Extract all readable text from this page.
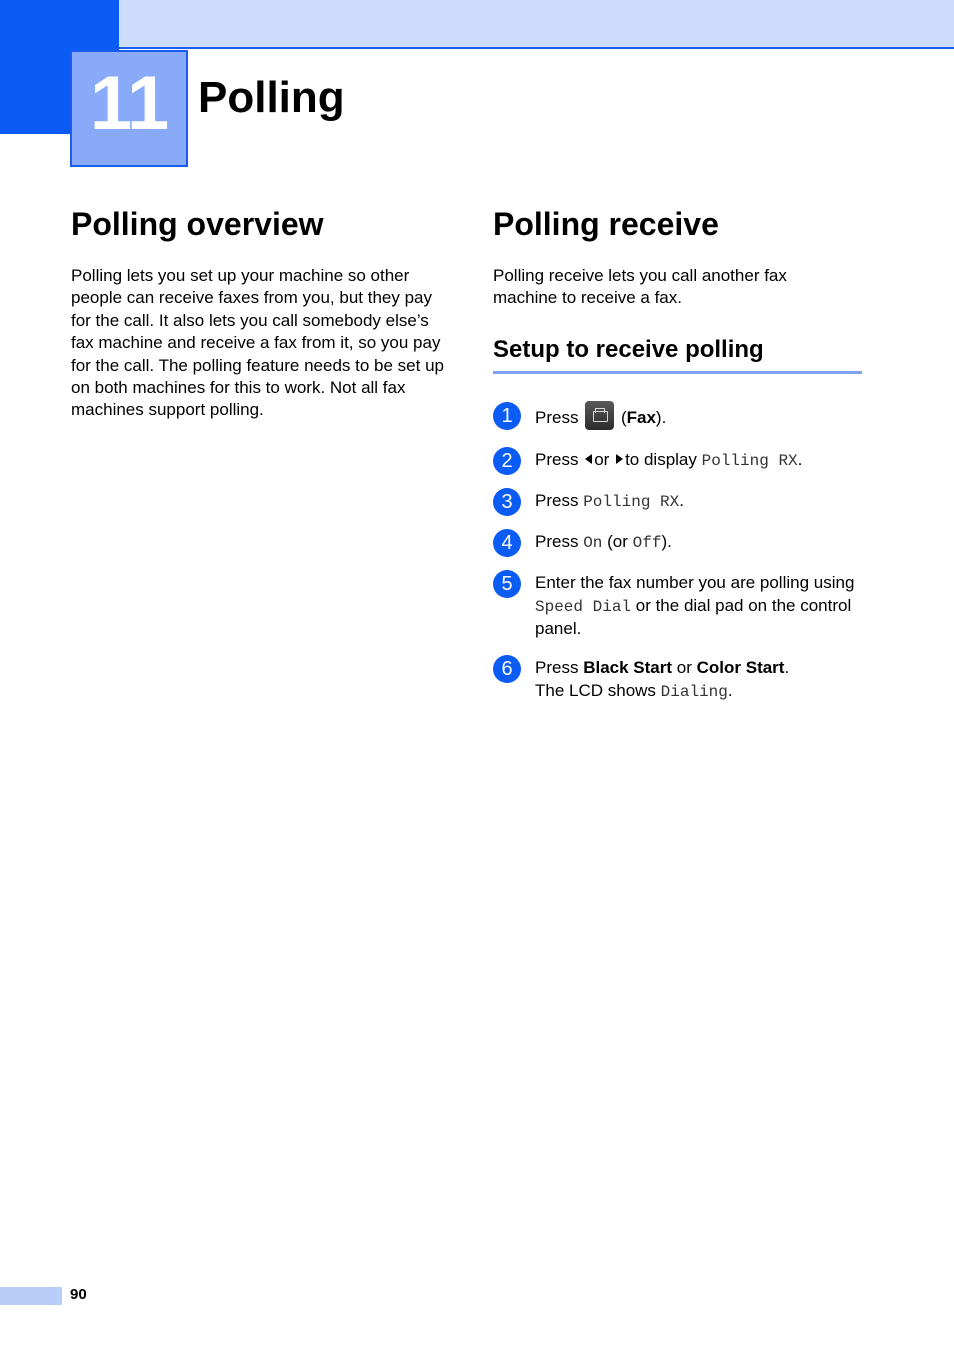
11 Polling
Polling overview

Polling lets you set up your machine so other people can receive faxes from you, but they pay for the call. It also lets you call somebody else’s fax machine and receive a fax from it, so you pay for the call. The polling feature needs to be set up on both machines for this to work. Not all fax machines support polling.

Polling receive

Polling receive lets you call another fax machine to receive a fax.

Setup to receive polling
1	Press (Fax).
2	Press or to display Polling RX.
3	Press Polling RX.
4	Press On (or Off).
5	Enter the fax number you are polling using Speed Dial or the dial pad on the control panel.
6	Press Black Start or Color Start.
The LCD shows Dialing.
90
